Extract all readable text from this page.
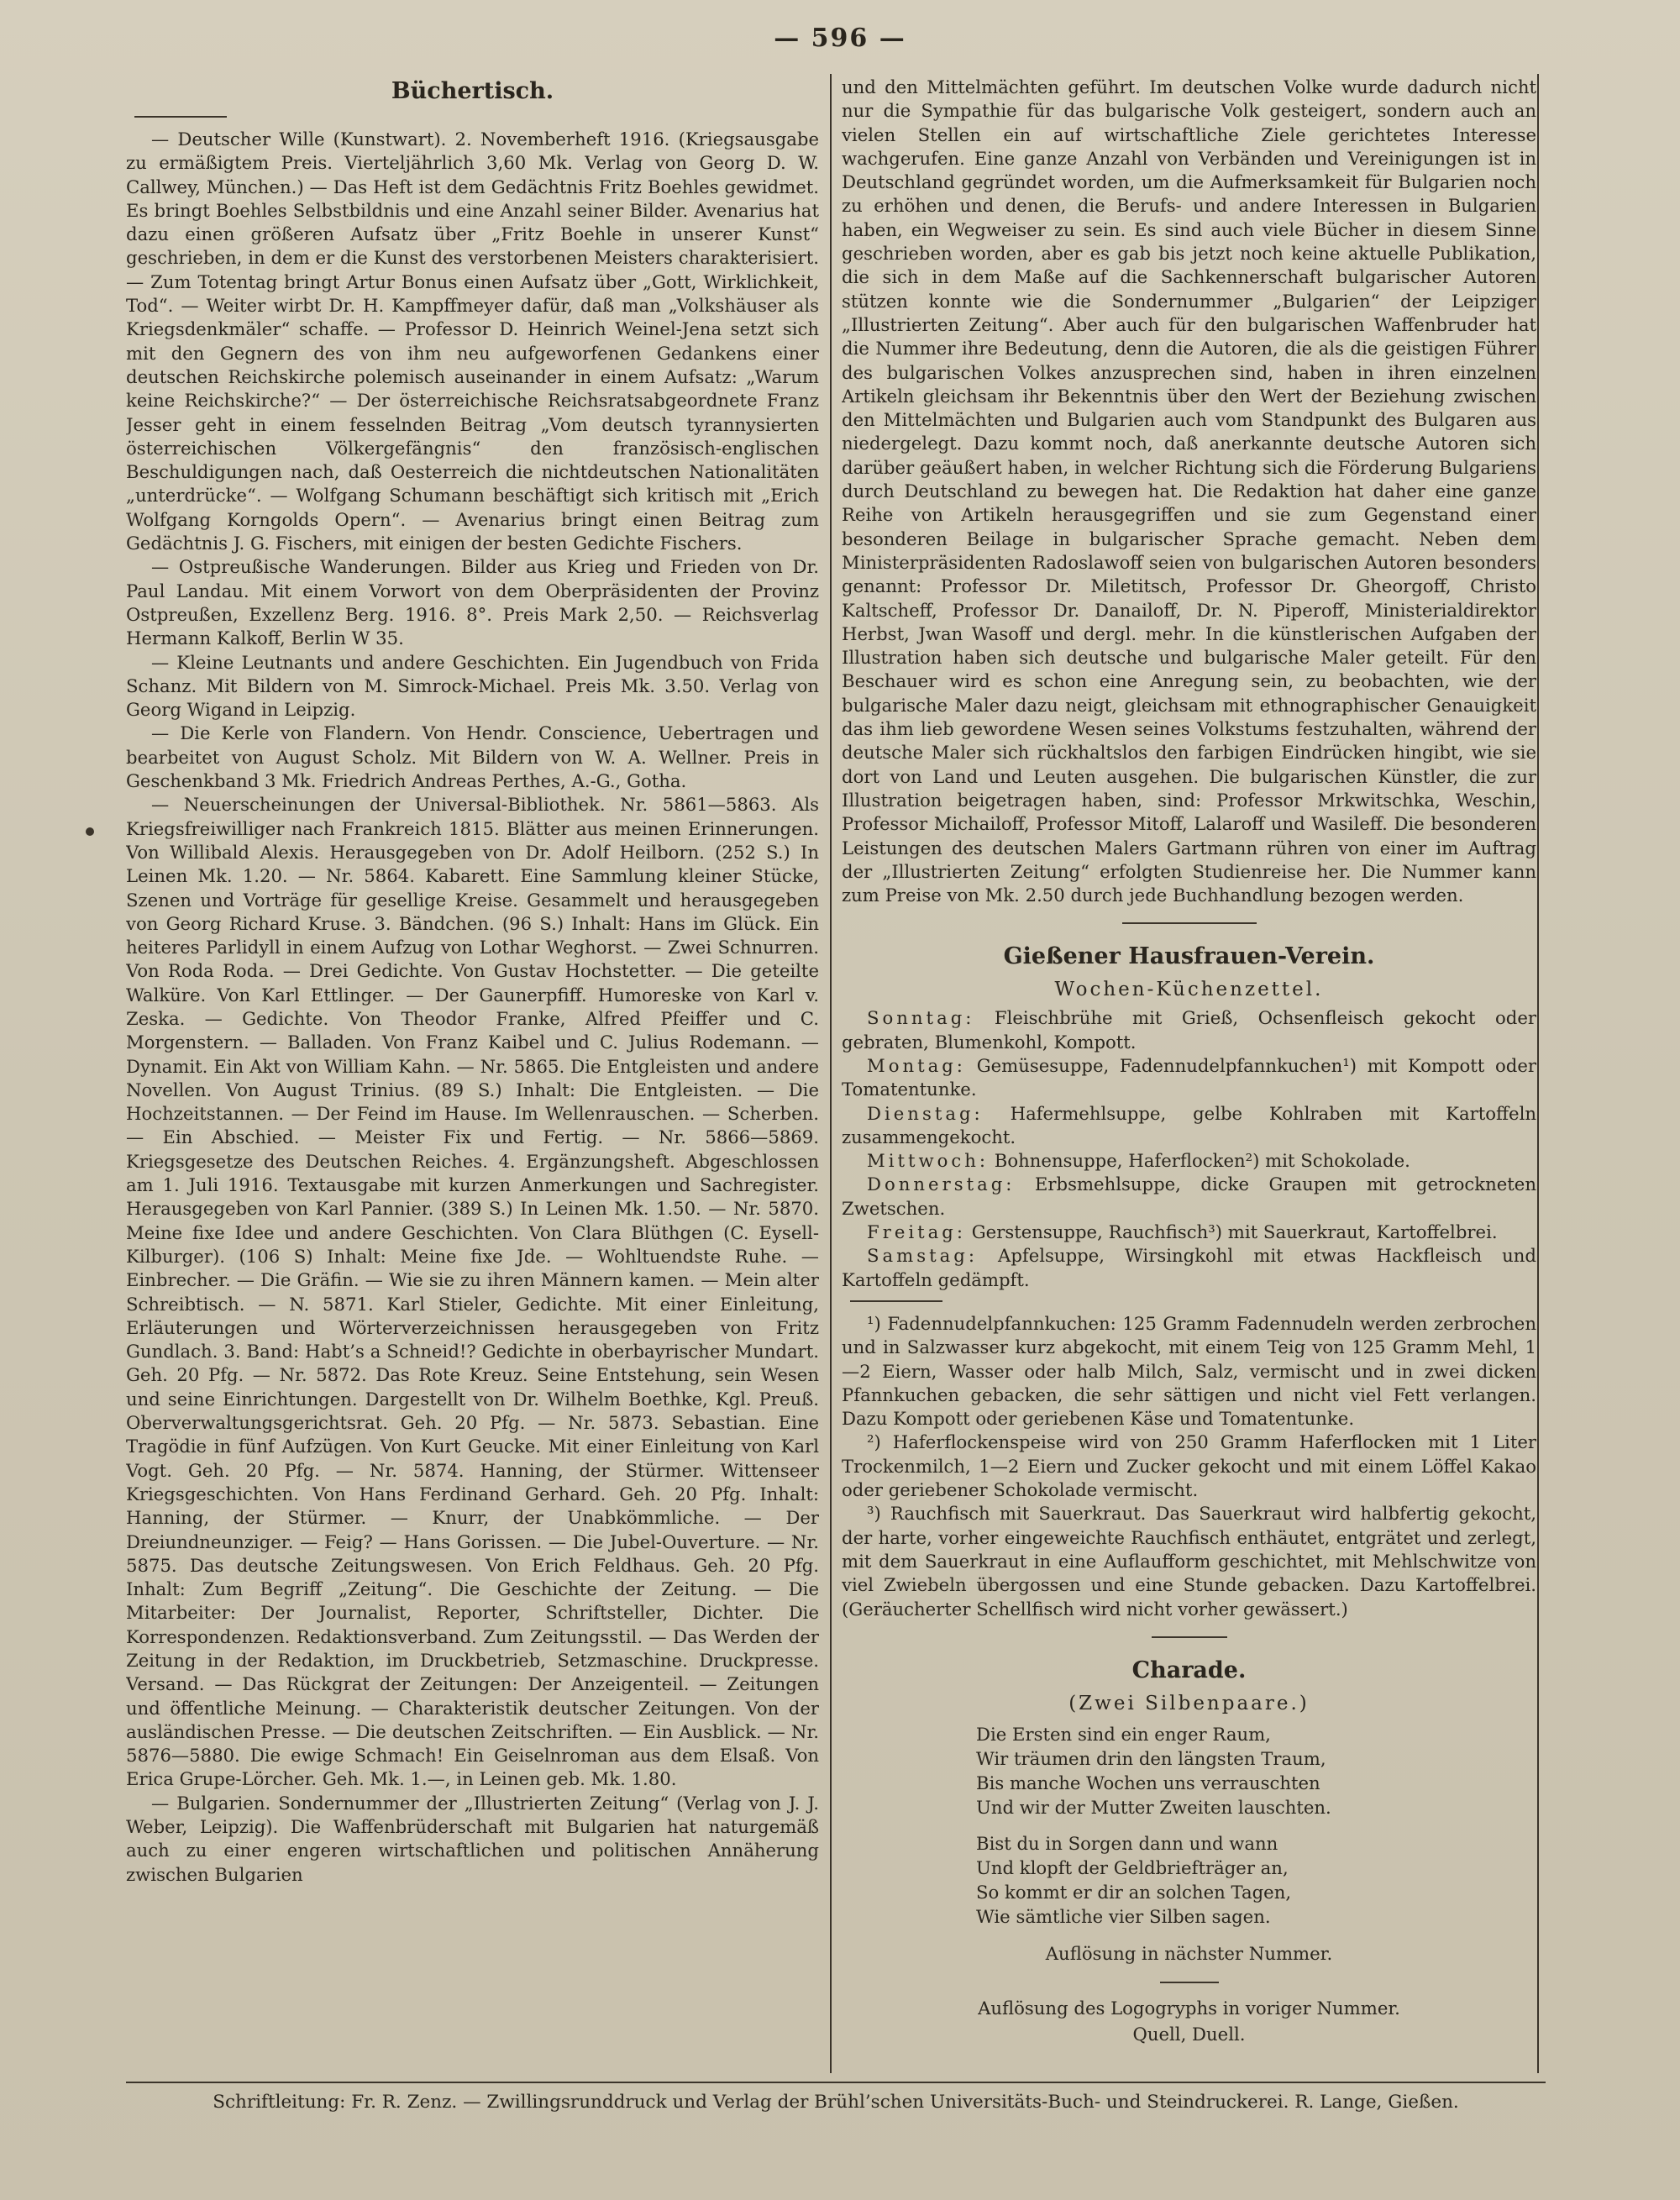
— 596 —
Büchertisch.

— Deutscher Wille (Kunstwart). 2. Novemberheft 1916. (Kriegsausgabe zu ermäßigtem Preis. Vierteljährlich 3,60 Mk. Verlag von Georg D. W. Callwey, München.) — Das Heft ist dem Gedächtnis Fritz Boehles gewidmet. Es bringt Boehles Selbstbildnis und eine Anzahl seiner Bilder. Avenarius hat dazu einen größeren Aufsatz über „Fritz Boehle in unserer Kunst“ geschrieben, in dem er die Kunst des verstorbenen Meisters charakterisiert. — Zum Totentag bringt Artur Bonus einen Aufsatz über „Gott, Wirklichkeit, Tod“. — Weiter wirbt Dr. H. Kampffmeyer dafür, daß man „Volkshäuser als Kriegsdenkmäler“ schaffe. — Professor D. Heinrich Weinel-Jena setzt sich mit den Gegnern des von ihm neu aufgeworfenen Gedankens einer deutschen Reichskirche polemisch auseinander in einem Aufsatz: „Warum keine Reichskirche?“ — Der österreichische Reichsratsabgeordnete Franz Jesser geht in einem fesselnden Beitrag „Vom deutsch tyrannysierten österreichischen Völkergefängnis“ den französisch-englischen Beschuldigungen nach, daß Oesterreich die nichtdeutschen Nationalitäten „unterdrücke“. — Wolfgang Schumann beschäftigt sich kritisch mit „Erich Wolfgang Korngolds Opern“. — Avenarius bringt einen Beitrag zum Gedächtnis J. G. Fischers, mit einigen der besten Gedichte Fischers.

— Ostpreußische Wanderungen. Bilder aus Krieg und Frieden von Dr. Paul Landau. Mit einem Vorwort von dem Oberpräsidenten der Provinz Ostpreußen, Exzellenz Berg. 1916. 8°. Preis Mark 2,50. — Reichsverlag Hermann Kalkoff, Berlin W 35.

— Kleine Leutnants und andere Geschichten. Ein Jugendbuch von Frida Schanz. Mit Bildern von M. Simrock-Michael. Preis Mk. 3.50. Verlag von Georg Wigand in Leipzig.

— Die Kerle von Flandern. Von Hendr. Conscience, Uebertragen und bearbeitet von August Scholz. Mit Bildern von W. A. Wellner. Preis in Geschenkband 3 Mk. Friedrich Andreas Perthes, A.-G., Gotha.

— Neuerscheinungen der Universal-Bibliothek. Nr. 5861—5863. Als Kriegsfreiwilliger nach Frankreich 1815. Blätter aus meinen Erinnerungen. Von Willibald Alexis. Herausgegeben von Dr. Adolf Heilborn. (252 S.) In Leinen Mk. 1.20. — Nr. 5864. Kabarett. Eine Sammlung kleiner Stücke, Szenen und Vorträge für gesellige Kreise. Gesammelt und herausgegeben von Georg Richard Kruse. 3. Bändchen. (96 S.) Inhalt: Hans im Glück. Ein heiteres Parlidyll in einem Aufzug von Lothar Weghorst. — Zwei Schnurren. Von Roda Roda. — Drei Gedichte. Von Gustav Hochstetter. — Die geteilte Walküre. Von Karl Ettlinger. — Der Gaunerpfiff. Humoreske von Karl v. Zeska. — Gedichte. Von Theodor Franke, Alfred Pfeiffer und C. Morgenstern. — Balladen. Von Franz Kaibel und C. Julius Rodemann. — Dynamit. Ein Akt von William Kahn. — Nr. 5865. Die Entgleisten und andere Novellen. Von August Trinius. (89 S.) Inhalt: Die Entgleisten. — Die Hochzeitstannen. — Der Feind im Hause. Im Wellenrauschen. — Scherben. — Ein Abschied. — Meister Fix und Fertig. — Nr. 5866—5869. Kriegsgesetze des Deutschen Reiches. 4. Ergänzungsheft. Abgeschlossen am 1. Juli 1916. Textausgabe mit kurzen Anmerkungen und Sachregister. Herausgegeben von Karl Pannier. (389 S.) In Leinen Mk. 1.50. — Nr. 5870. Meine fixe Idee und andere Geschichten. Von Clara Blüthgen (C. Eysell-Kilburger). (106 S) Inhalt: Meine fixe Jde. — Wohltuendste Ruhe. — Einbrecher. — Die Gräfin. — Wie sie zu ihren Männern kamen. — Mein alter Schreibtisch. — N. 5871. Karl Stieler, Gedichte. Mit einer Einleitung, Erläuterungen und Wörterverzeichnissen herausgegeben von Fritz Gundlach. 3. Band: Habt’s a Schneid!? Gedichte in oberbayrischer Mundart. Geh. 20 Pfg. — Nr. 5872. Das Rote Kreuz. Seine Entstehung, sein Wesen und seine Einrichtungen. Dargestellt von Dr. Wilhelm Boethke, Kgl. Preuß. Oberverwaltungsgerichtsrat. Geh. 20 Pfg. — Nr. 5873. Sebastian. Eine Tragödie in fünf Aufzügen. Von Kurt Geucke. Mit einer Einleitung von Karl Vogt. Geh. 20 Pfg. — Nr. 5874. Hanning, der Stürmer. Wittenseer Kriegsgeschichten. Von Hans Ferdinand Gerhard. Geh. 20 Pfg. Inhalt: Hanning, der Stürmer. — Knurr, der Unabkömmliche. — Der Dreiundneunziger. — Feig? — Hans Gorissen. — Die Jubel-Ouverture. — Nr. 5875. Das deutsche Zeitungswesen. Von Erich Feldhaus. Geh. 20 Pfg. Inhalt: Zum Begriff „Zeitung“. Die Geschichte der Zeitung. — Die Mitarbeiter: Der Journalist, Reporter, Schriftsteller, Dichter. Die Korrespondenzen. Redaktionsverband. Zum Zeitungsstil. — Das Werden der Zeitung in der Redaktion, im Druckbetrieb, Setzmaschine. Druckpresse. Versand. — Das Rückgrat der Zeitungen: Der Anzeigenteil. — Zeitungen und öffentliche Meinung. — Charakteristik deutscher Zeitungen. Von der ausländischen Presse. — Die deutschen Zeitschriften. — Ein Ausblick. — Nr. 5876—5880. Die ewige Schmach! Ein Geiselnroman aus dem Elsaß. Von Erica Grupe-Lörcher. Geh. Mk. 1.—, in Leinen geb. Mk. 1.80.

— Bulgarien. Sondernummer der „Illustrierten Zeitung“ (Verlag von J. J. Weber, Leipzig). Die Waffenbrüderschaft mit Bulgarien hat naturgemäß auch zu einer engeren wirtschaftlichen und politischen Annäherung zwischen Bulgarien

und den Mittelmächten geführt. Im deutschen Volke wurde dadurch nicht nur die Sympathie für das bulgarische Volk gesteigert, sondern auch an vielen Stellen ein auf wirtschaftliche Ziele gerichtetes Interesse wachgerufen. Eine ganze Anzahl von Verbänden und Vereinigungen ist in Deutschland gegründet worden, um die Aufmerksamkeit für Bulgarien noch zu erhöhen und denen, die Berufs- und andere Interessen in Bulgarien haben, ein Wegweiser zu sein. Es sind auch viele Bücher in diesem Sinne geschrieben worden, aber es gab bis jetzt noch keine aktuelle Publikation, die sich in dem Maße auf die Sachkennerschaft bulgarischer Autoren stützen konnte wie die Sondernummer „Bulgarien“ der Leipziger „Illustrierten Zeitung“. Aber auch für den bulgarischen Waffenbruder hat die Nummer ihre Bedeutung, denn die Autoren, die als die geistigen Führer des bulgarischen Volkes anzusprechen sind, haben in ihren einzelnen Artikeln gleichsam ihr Bekenntnis über den Wert der Beziehung zwischen den Mittelmächten und Bulgarien auch vom Standpunkt des Bulgaren aus niedergelegt. Dazu kommt noch, daß anerkannte deutsche Autoren sich darüber geäußert haben, in welcher Richtung sich die Förderung Bulgariens durch Deutschland zu bewegen hat. Die Redaktion hat daher eine ganze Reihe von Artikeln herausgegriffen und sie zum Gegenstand einer besonderen Beilage in bulgarischer Sprache gemacht. Neben dem Ministerpräsidenten Radoslawoff seien von bulgarischen Autoren besonders genannt: Professor Dr. Miletitsch, Professor Dr. Gheorgoff, Christo Kaltscheff, Professor Dr. Danailoff, Dr. N. Piperoff, Ministerialdirektor Herbst, Jwan Wasoff und dergl. mehr. In die künstlerischen Aufgaben der Illustration haben sich deutsche und bulgarische Maler geteilt. Für den Beschauer wird es schon eine Anregung sein, zu beobachten, wie der bulgarische Maler dazu neigt, gleichsam mit ethnographischer Genauigkeit das ihm lieb gewordene Wesen seines Volkstums festzuhalten, während der deutsche Maler sich rückhaltslos den farbigen Eindrücken hingibt, wie sie dort von Land und Leuten ausgehen. Die bulgarischen Künstler, die zur Illustration beigetragen haben, sind: Professor Mrkwitschka, Weschin, Professor Michailoff, Professor Mitoff, Lalaroff und Wasileff. Die besonderen Leistungen des deutschen Malers Gartmann rühren von einer im Auftrag der „Illustrierten Zeitung“ erfolgten Studienreise her. Die Nummer kann zum Preise von Mk. 2.50 durch jede Buchhandlung bezogen werden.

Gießener Hausfrauen-Verein.
Wochen-Küchenzettel.

Sonntag: Fleischbrühe mit Grieß, Ochsenfleisch gekocht oder gebraten, Blumenkohl, Kompott.

Montag: Gemüsesuppe, Fadennudelpfannkuchen¹) mit Kompott oder Tomatentunke.

Dienstag: Hafermehlsuppe, gelbe Kohlraben mit Kartoffeln zusammengekocht.

Mittwoch: Bohnensuppe, Haferflocken²) mit Schokolade.

Donnerstag: Erbsmehlsuppe, dicke Graupen mit getrockneten Zwetschen.

Freitag: Gerstensuppe, Rauchfisch³) mit Sauerkraut, Kartoffelbrei.

Samstag: Apfelsuppe, Wirsingkohl mit etwas Hackfleisch und Kartoffeln gedämpft.

¹) Fadennudelpfannkuchen: 125 Gramm Fadennudeln werden zerbrochen und in Salzwasser kurz abgekocht, mit einem Teig von 125 Gramm Mehl, 1—2 Eiern, Wasser oder halb Milch, Salz, vermischt und in zwei dicken Pfannkuchen gebacken, die sehr sättigen und nicht viel Fett verlangen. Dazu Kompott oder geriebenen Käse und Tomatentunke.

²) Haferflockenspeise wird von 250 Gramm Haferflocken mit 1 Liter Trockenmilch, 1—2 Eiern und Zucker gekocht und mit einem Löffel Kakao oder geriebener Schokolade vermischt.

³) Rauchfisch mit Sauerkraut. Das Sauerkraut wird halbfertig gekocht, der harte, vorher eingeweichte Rauchfisch enthäutet, entgrätet und zerlegt, mit dem Sauerkraut in eine Auflaufform geschichtet, mit Mehlschwitze von viel Zwiebeln übergossen und eine Stunde gebacken. Dazu Kartoffelbrei. (Geräucherter Schellfisch wird nicht vorher gewässert.)

Charade.
(Zwei Silbenpaare.)
Die Ersten sind ein enger Raum,
Wir träumen drin den längsten Traum,
Bis manche Wochen uns verrauschten
Und wir der Mutter Zweiten lauschten.
Bist du in Sorgen dann und wann
Und klopft der Geldbriefträger an,
So kommt er dir an solchen Tagen,
Wie sämtliche vier Silben sagen.
Auflösung in nächster Nummer.
Auflösung des Logogryphs in voriger Nummer.
Quell, Duell.
Schriftleitung: Fr. R. Zenz. — Zwillingsrunddruck und Verlag der Brühl’schen Universitäts-Buch- und Steindruckerei. R. Lange, Gießen.
